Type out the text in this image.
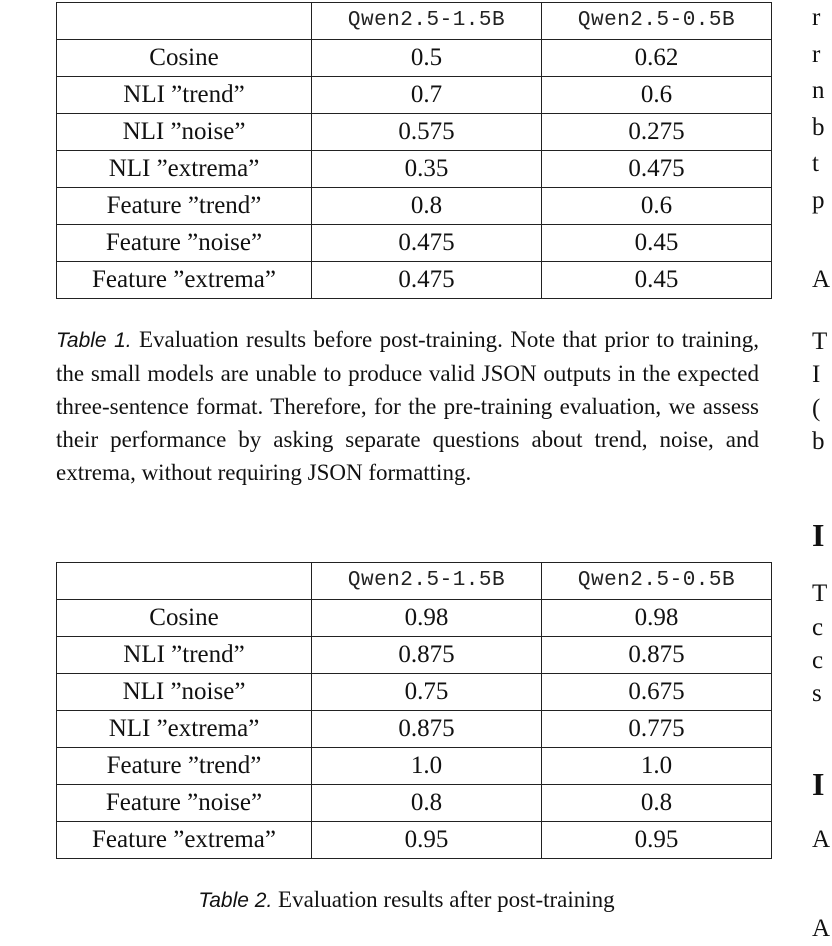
	Qwen2.5-1.5B	Qwen2.5-0.5B
Cosine	0.5	0.62
NLI ”trend”	0.7	0.6
NLI ”noise”	0.575	0.275
NLI ”extrema”	0.35	0.475
Feature ”trend”	0.8	0.6
Feature ”noise”	0.475	0.45
Feature ”extrema”	0.475	0.45
Table 1. Evaluation results before post-training. Note that prior to training, the small models are unable to produce valid JSON outputs in the expected three-sentence format. Therefore, for the pre-training evaluation, we assess their performance by asking separate questions about trend, noise, and extrema, without requiring JSON formatting.
	Qwen2.5-1.5B	Qwen2.5-0.5B
Cosine	0.98	0.98
NLI ”trend”	0.875	0.875
NLI ”noise”	0.75	0.675
NLI ”extrema”	0.875	0.775
Feature ”trend”	1.0	1.0
Feature ”noise”	0.8	0.8
Feature ”extrema”	0.95	0.95
Table 2. Evaluation results after post-training
r
r
n
b
t
p
A
T
I
(
b
I
T
c
c
s
I
A
A
